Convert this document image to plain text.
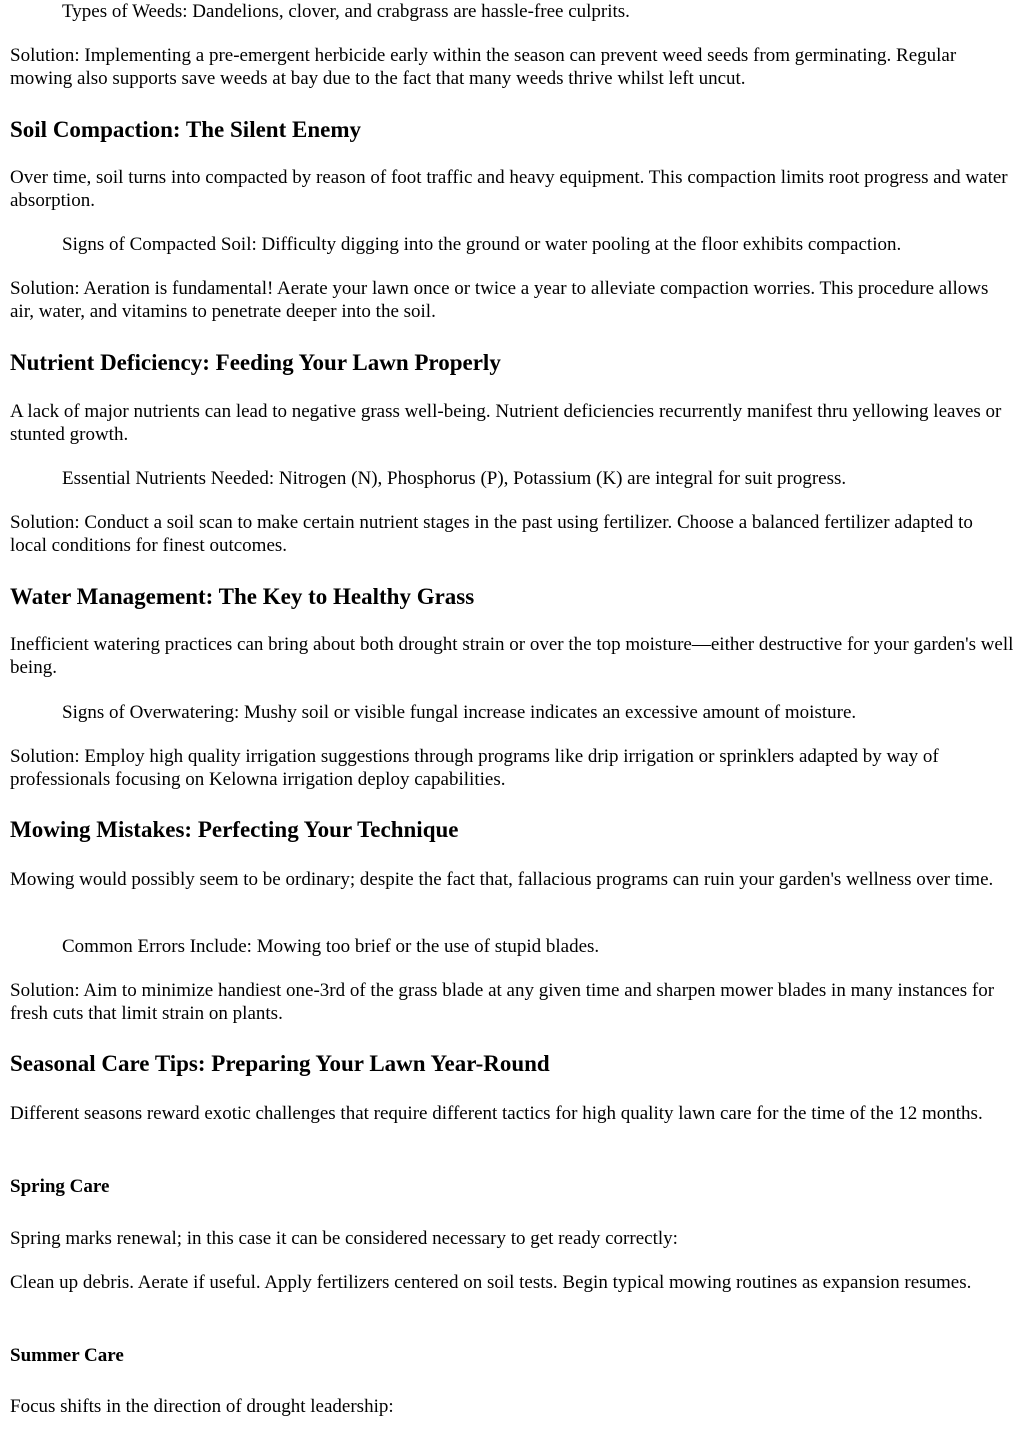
Types of Weeds: Dandelions, clover, and crabgrass are hassle-free culprits.

Solution: Implementing a pre-emergent herbicide early within the season can prevent weed seeds from germinating. Regular mowing also supports save weeds at bay due to the fact that many weeds thrive whilst left uncut.

Soil Compaction: The Silent Enemy

Over time, soil turns into compacted by reason of foot traffic and heavy equipment. This compaction limits root progress and water absorption.

Signs of Compacted Soil: Difficulty digging into the ground or water pooling at the floor exhibits compaction.

Solution: Aeration is fundamental! Aerate your lawn once or twice a year to alleviate compaction worries. This procedure allows air, water, and vitamins to penetrate deeper into the soil.

Nutrient Deficiency: Feeding Your Lawn Properly

A lack of major nutrients can lead to negative grass well-being. Nutrient deficiencies recurrently manifest thru yellowing leaves or stunted growth.

Essential Nutrients Needed: Nitrogen (N), Phosphorus (P), Potassium (K) are integral for suit progress.

Solution: Conduct a soil scan to make certain nutrient stages in the past using fertilizer. Choose a balanced fertilizer adapted to local conditions for finest outcomes.

Water Management: The Key to Healthy Grass

Inefficient watering practices can bring about both drought strain or over the top moisture—either destructive for your garden's well being.

Signs of Overwatering: Mushy soil or visible fungal increase indicates an excessive amount of moisture.

Solution: Employ high quality irrigation suggestions through programs like drip irrigation or sprinklers adapted by way of professionals focusing on Kelowna irrigation deploy capabilities.

Mowing Mistakes: Perfecting Your Technique

Mowing would possibly seem to be ordinary; despite the fact that, fallacious programs can ruin your garden's wellness over time.

Common Errors Include: Mowing too brief or the use of stupid blades.

Solution: Aim to minimize handiest one-3rd of the grass blade at any given time and sharpen mower blades in many instances for fresh cuts that limit strain on plants.

Seasonal Care Tips: Preparing Your Lawn Year-Round

Different seasons reward exotic challenges that require different tactics for high quality lawn care for the time of the 12 months.

Spring Care

Spring marks renewal; in this case it can be considered necessary to get ready correctly:

Clean up debris. Aerate if useful. Apply fertilizers centered on soil tests. Begin typical mowing routines as expansion resumes.

Summer Care

Focus shifts in the direction of drought leadership:
